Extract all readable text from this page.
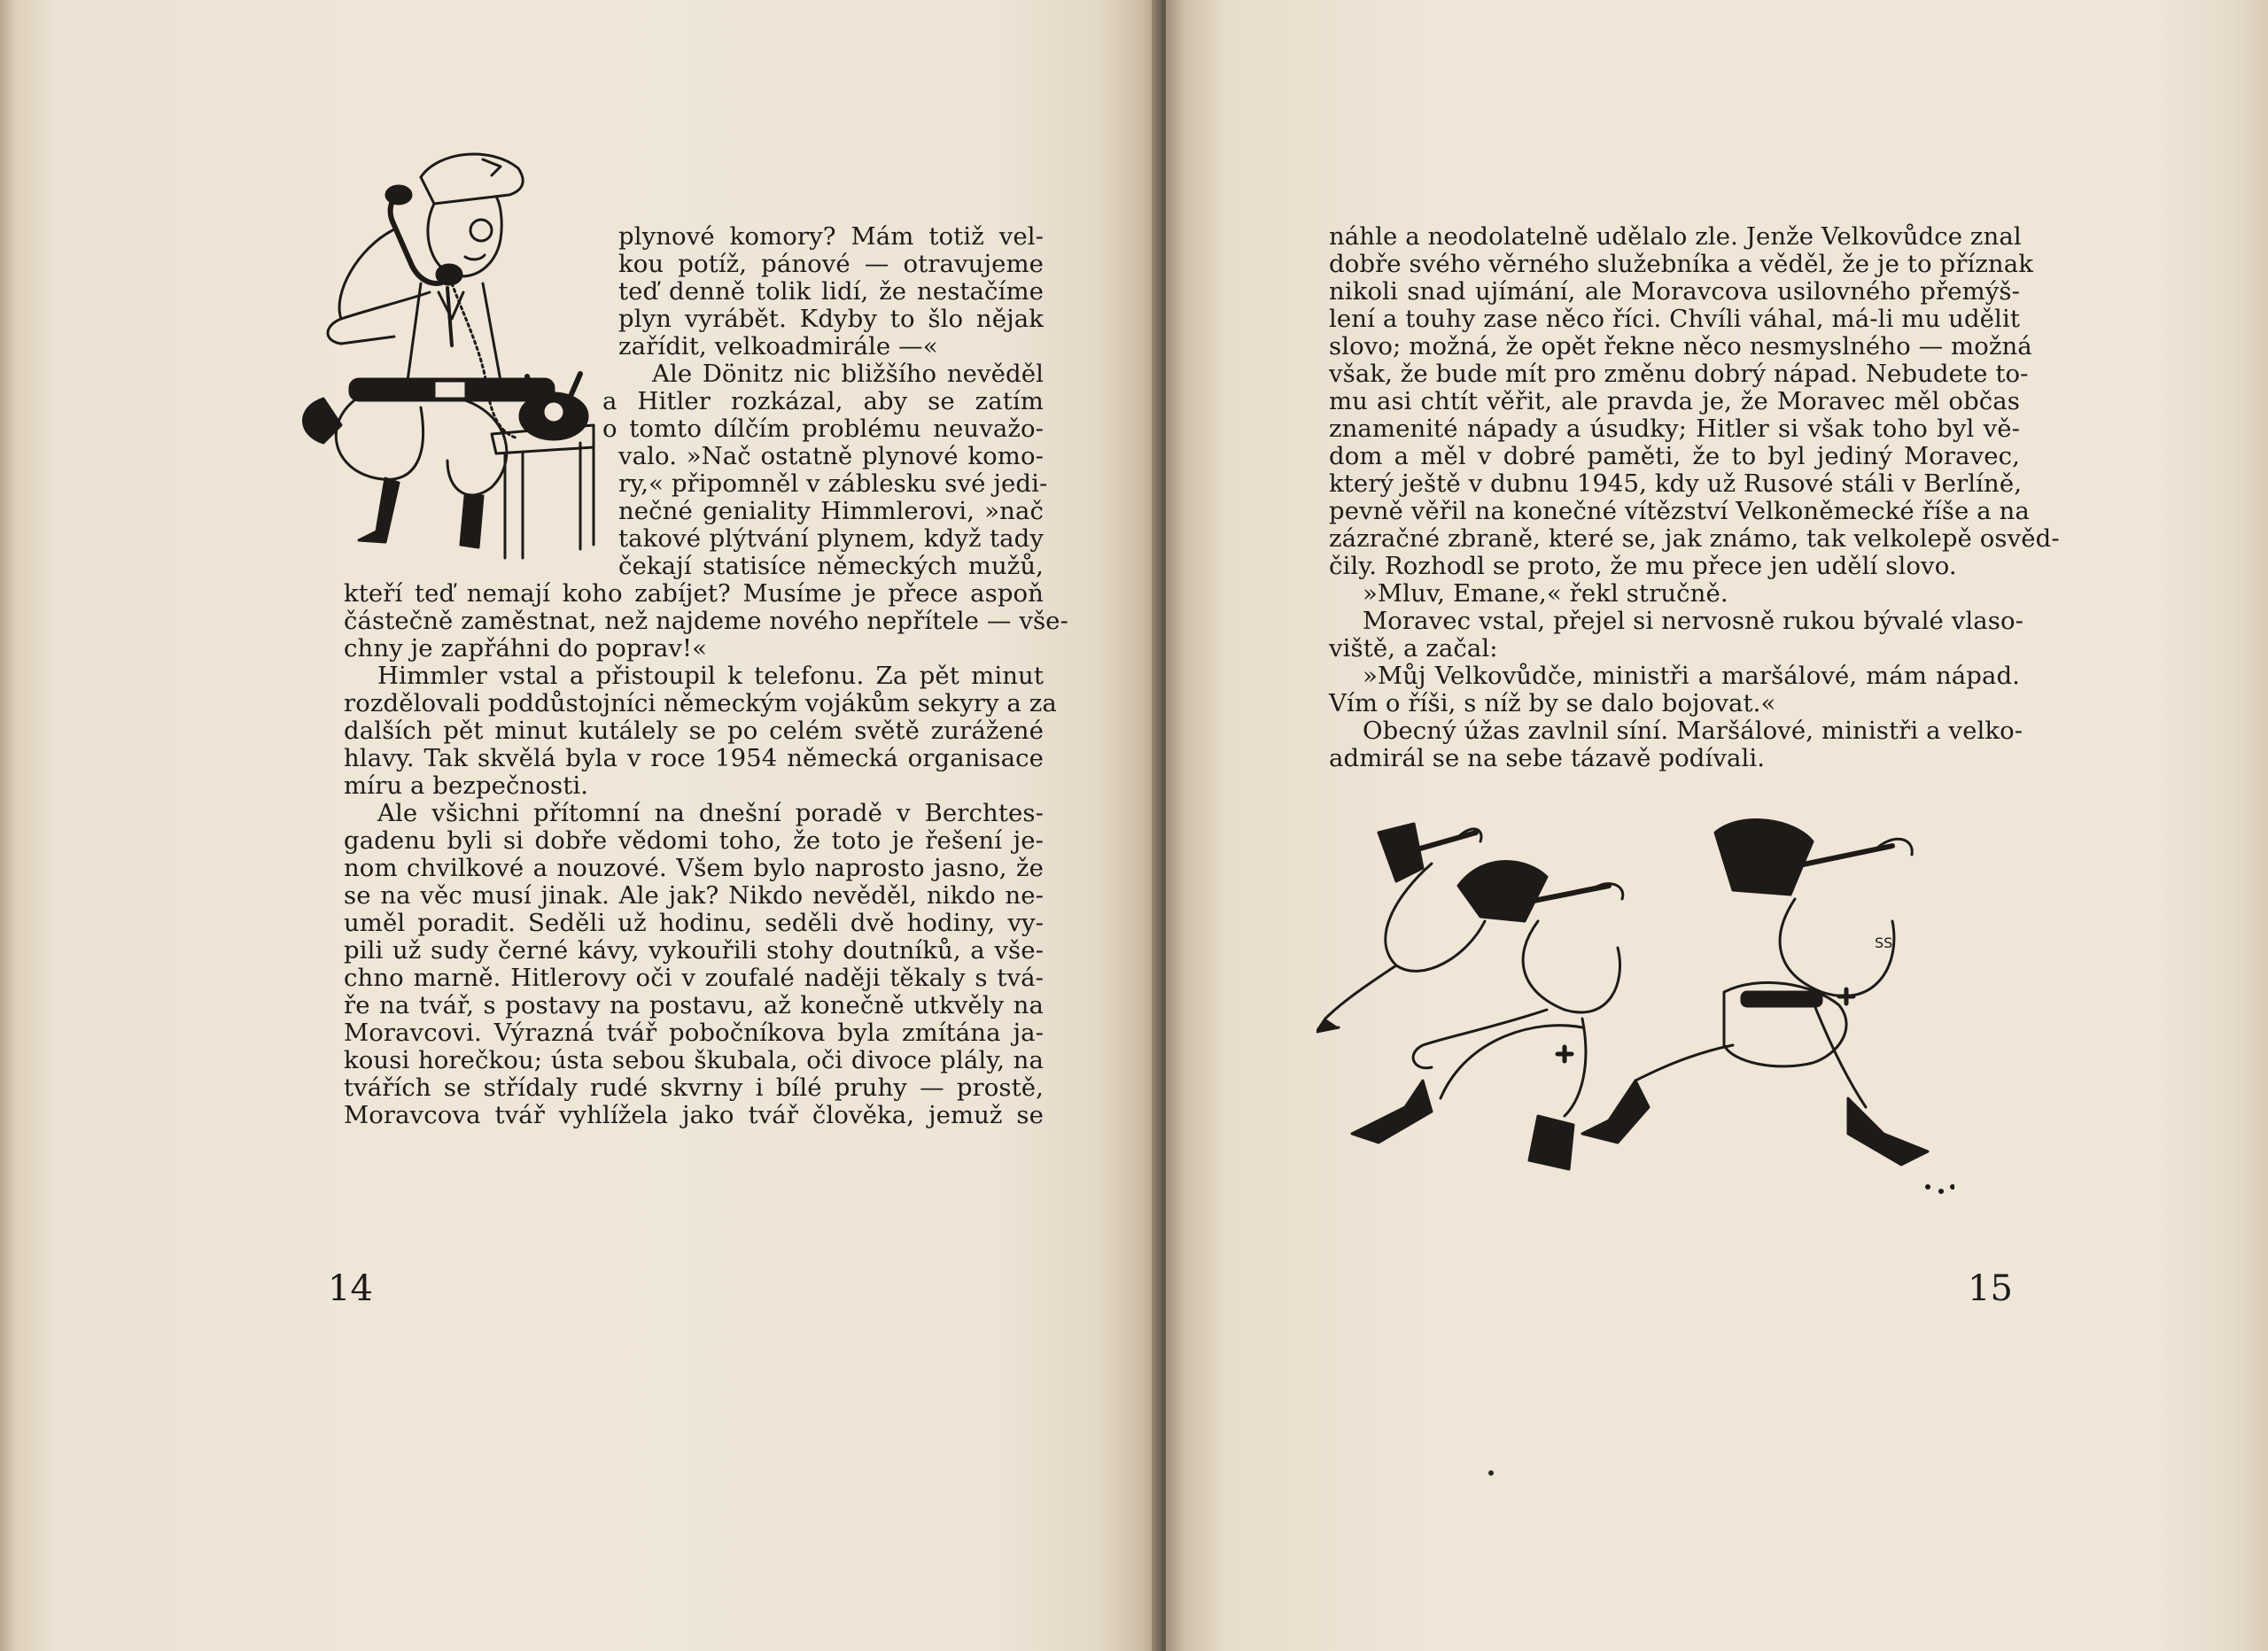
plynové komory? Mám totiž vel-
kou potíž, pánové — otravujeme
teď denně tolik lidí, že nestačíme
plyn vyrábět. Kdyby to šlo nějak
zařídit, velkoadmirále —«
Ale Dönitz nic bližšího nevěděl
a Hitler rozkázal, aby se zatím
o tomto dílčím problému neuvažo-
valo. »Nač ostatně plynové komo-
ry,« připomněl v záblesku své jedi-
nečné geniality Himmlerovi, »nač
takové plýtvání plynem, když tady
čekají statisíce německých mužů,
kteří teď nemají koho zabíjet? Musíme je přece aspoň
částečně zaměstnat, než najdeme nového nepřítele — vše-
chny je zapřáhni do poprav!«
Himmler vstal a přistoupil k telefonu. Za pět minut
rozdělovali poddůstojníci německým vojákům sekyry a za
dalších pět minut kutálely se po celém světě zurážené
hlavy. Tak skvělá byla v roce 1954 německá organisace
míru a bezpečnosti.
Ale všichni přítomní na dnešní poradě v Berchtes-
gadenu byli si dobře vědomi toho, že toto je řešení je-
nom chvilkové a nouzové. Všem bylo naprosto jasno, že
se na věc musí jinak. Ale jak? Nikdo nevěděl, nikdo ne-
uměl poradit. Seděli už hodinu, seděli dvě hodiny, vy-
pili už sudy černé kávy, vykouřili stohy doutníků, a vše-
chno marně. Hitlerovy oči v zoufalé naději těkaly s tvá-
ře na tvář, s postavy na postavu, až konečně utkvěly na
Moravcovi. Výrazná tvář pobočníkova byla zmítána ja-
kousi horečkou; ústa sebou škubala, oči divoce plály, na
tvářích se střídaly rudé skvrny i bílé pruhy — prostě,
Moravcova tvář vyhlížela jako tvář člověka, jemuž se
14
náhle a neodolatelně udělalo zle. Jenže Velkovůdce znal
dobře svého věrného služebníka a věděl, že je to příznak
nikoli snad ujímání, ale Moravcova usilovného přemýš-
lení a touhy zase něco říci. Chvíli váhal, má-li mu udělit
slovo; možná, že opět řekne něco nesmyslného — možná
však, že bude mít pro změnu dobrý nápad. Nebudete to-
mu asi chtít věřit, ale pravda je, že Moravec měl občas
znamenité nápady a úsudky; Hitler si však toho byl vě-
dom a měl v dobré paměti, že to byl jediný Moravec,
který ještě v dubnu 1945, kdy už Rusové stáli v Berlíně,
pevně věřil na konečné vítězství Velkoněmecké říše a na
zázračné zbraně, které se, jak známo, tak velkolepě osvěd-
čily. Rozhodl se proto, že mu přece jen udělí slovo.
»Mluv, Emane,« řekl stručně.
Moravec vstal, přejel si nervosně rukou bývalé vlaso-
viště, a začal:
»Můj Velkovůdče, ministři a maršálové, mám nápad.
Vím o říši, s níž by se dalo bojovat.«
Obecný úžas zavlnil síní. Maršálové, ministři a velko-
admirál se na sebe tázavě podívali.
SS
SS
15
